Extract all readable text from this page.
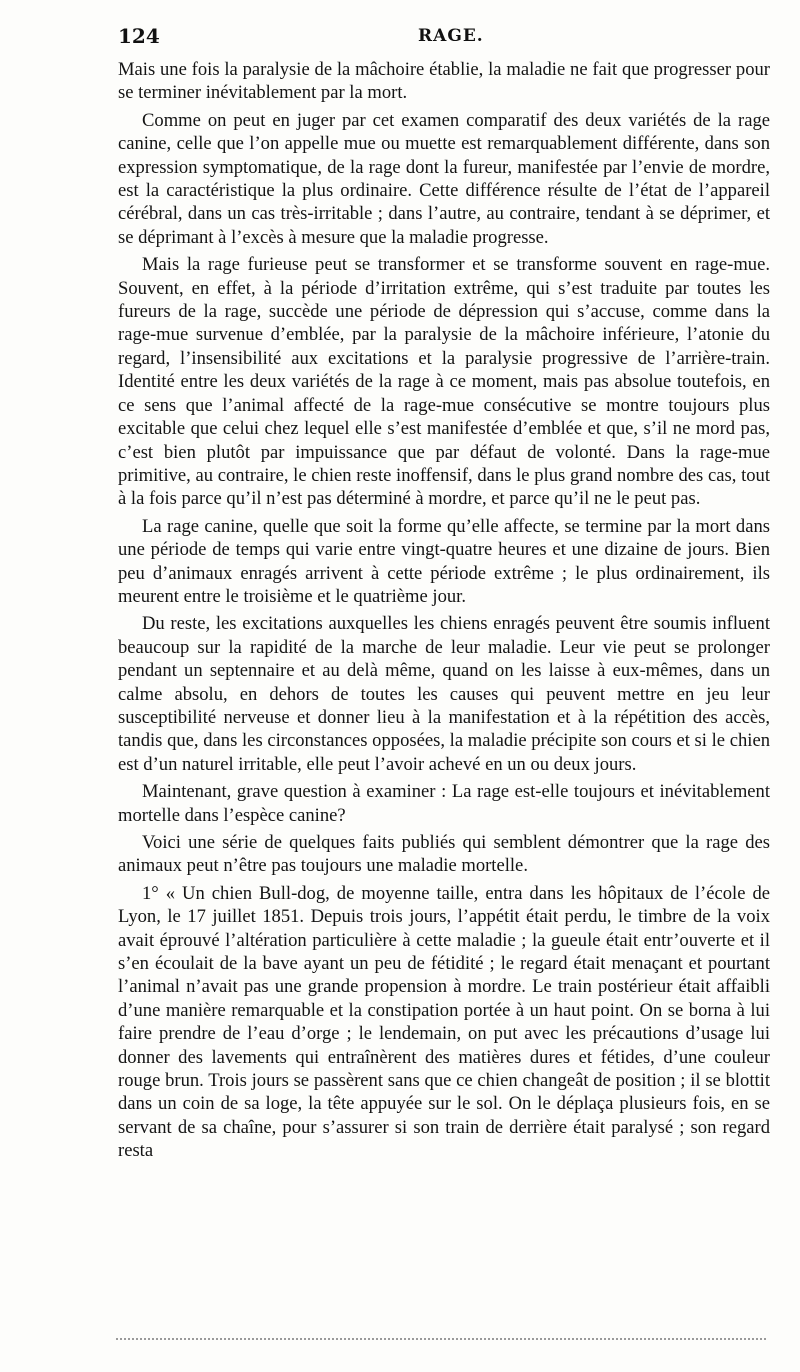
124	RAGE.

Mais une fois la paralysie de la mâchoire établie, la maladie ne fait que progresser pour se terminer inévitablement par la mort.

Comme on peut en juger par cet examen comparatif des deux variétés de la rage canine, celle que l’on appelle mue ou muette est remarquablement différente, dans son expression symptomatique, de la rage dont la fureur, manifestée par l’envie de mordre, est la caractéristique la plus ordinaire. Cette différence résulte de l’état de l’appareil cérébral, dans un cas très-irritable ; dans l’autre, au contraire, tendant à se déprimer, et se déprimant à l’excès à mesure que la maladie progresse.

Mais la rage furieuse peut se transformer et se transforme souvent en rage-mue. Souvent, en effet, à la période d’irritation extrême, qui s’est traduite par toutes les fureurs de la rage, succède une période de dépression qui s’accuse, comme dans la rage-mue survenue d’emblée, par la paralysie de la mâchoire inférieure, l’atonie du regard, l’insensibilité aux excitations et la paralysie progressive de l’arrière-train. Identité entre les deux variétés de la rage à ce moment, mais pas absolue toutefois, en ce sens que l’animal affecté de la rage-mue consécutive se montre toujours plus excitable que celui chez lequel elle s’est manifestée d’emblée et que, s’il ne mord pas, c’est bien plutôt par impuissance que par défaut de volonté. Dans la rage-mue primitive, au contraire, le chien reste inoffensif, dans le plus grand nombre des cas, tout à la fois parce qu’il n’est pas déterminé à mordre, et parce qu’il ne le peut pas.

La rage canine, quelle que soit la forme qu’elle affecte, se termine par la mort dans une période de temps qui varie entre vingt-quatre heures et une dizaine de jours. Bien peu d’animaux enragés arrivent à cette période extrême ; le plus ordinairement, ils meurent entre le troisième et le quatrième jour.

Du reste, les excitations auxquelles les chiens enragés peuvent être soumis influent beaucoup sur la rapidité de la marche de leur maladie. Leur vie peut se prolonger pendant un septennaire et au delà même, quand on les laisse à eux-mêmes, dans un calme absolu, en dehors de toutes les causes qui peuvent mettre en jeu leur susceptibilité nerveuse et donner lieu à la manifestation et à la répétition des accès, tandis que, dans les circonstances opposées, la maladie précipite son cours et si le chien est d’un naturel irritable, elle peut l’avoir achevé en un ou deux jours.

Maintenant, grave question à examiner : La rage est-elle toujours et inévitablement mortelle dans l’espèce canine?

Voici une série de quelques faits publiés qui semblent démontrer que la rage des animaux peut n’être pas toujours une maladie mortelle.

1° « Un chien Bull-dog, de moyenne taille, entra dans les hôpitaux de l’école de Lyon, le 17 juillet 1851. Depuis trois jours, l’appétit était perdu, le timbre de la voix avait éprouvé l’altération particulière à cette maladie ; la gueule était entr’ouverte et il s’en écoulait de la bave ayant un peu de fétidité ; le regard était menaçant et pourtant l’animal n’avait pas une grande propension à mordre. Le train postérieur était affaibli d’une manière remarquable et la constipation portée à un haut point. On se borna à lui faire prendre de l’eau d’orge ; le lendemain, on put avec les précautions d’usage lui donner des lavements qui entraînèrent des matières dures et fétides, d’une couleur rouge brun. Trois jours se passèrent sans que ce chien changeât de position ; il se blottit dans un coin de sa loge, la tête appuyée sur le sol. On le déplaça plusieurs fois, en se servant de sa chaîne, pour s’assurer si son train de derrière était paralysé ; son regard resta
